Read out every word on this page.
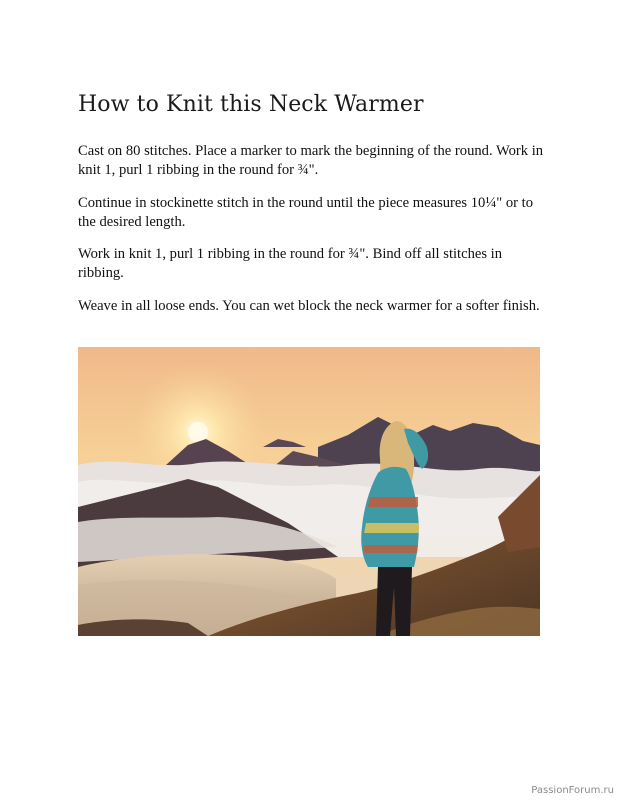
How to Knit this Neck Warmer

Cast on 80 stitches. Place a marker to mark the beginning of the round. Work in knit 1, purl 1 ribbing in the round for ¾".

Continue in stockinette stitch in the round until the piece measures 10¼" or to the desired length.

Work in knit 1, purl 1 ribbing in the round for ¾". Bind off all stitches in ribbing.

Weave in all loose ends. You can wet block the neck warmer for a softer finish.

PassionForum.ru
